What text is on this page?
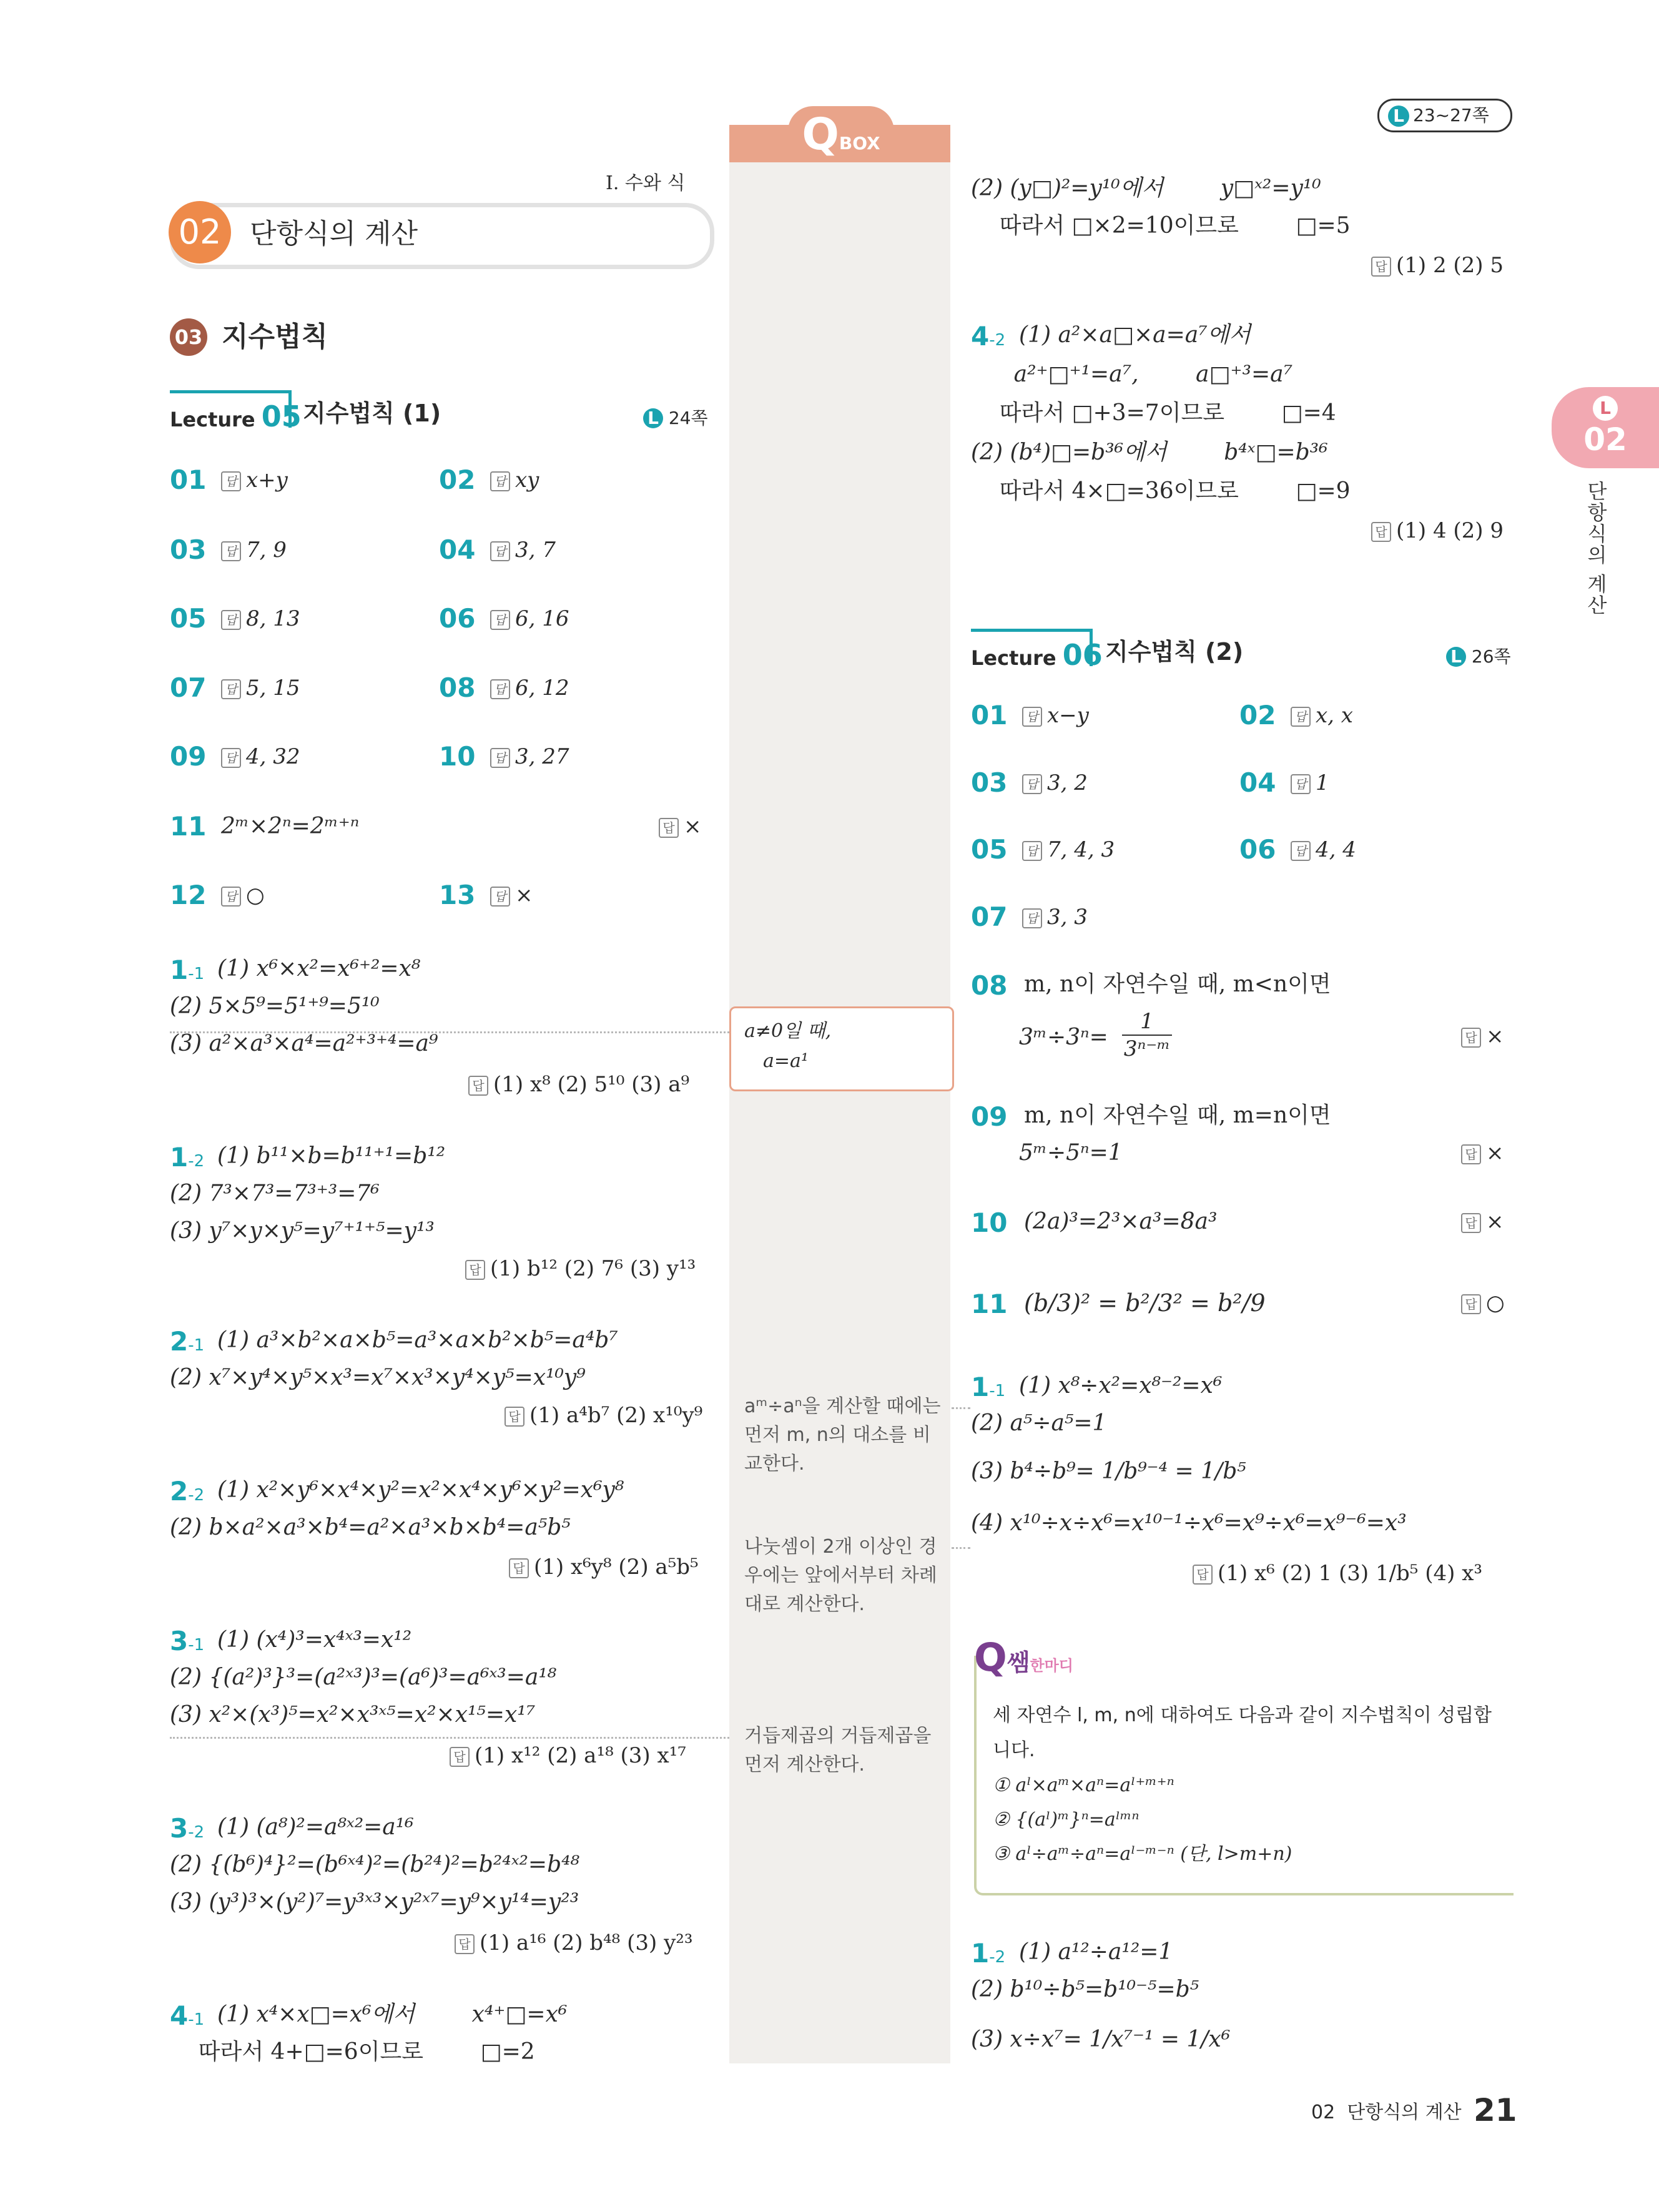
QBOX
L 23~27쪽
Ⅰ. 수와 식
02	단항식의 계산
03 지수법칙
Lecture 05 지수법칙 (1)	L 24쪽
01	답 x+y	02	답 xy
03	답 7, 9	04	답 3, 7
05	답 8, 13	06	답 6, 16
07	답 5, 15	08	답 6, 12
09	답 4, 32	10	답 3, 27
11 2ᵐ×2ⁿ=2ᵐ⁺ⁿ	답 ×
12	답 ○	13	답 ×
1-1 (1) x⁶×x²=x⁶⁺²=x⁸
(2) 5×5⁹=5¹⁺⁹=5¹⁰
(3) a²×a³×a⁴=a²⁺³⁺⁴=a⁹
답 (1) x⁸ (2) 5¹⁰ (3) a⁹
1-2 (1) b¹¹×b=b¹¹⁺¹=b¹²
(2) 7³×7³=7³⁺³=7⁶
(3) y⁷×y×y⁵=y⁷⁺¹⁺⁵=y¹³
답 (1) b¹² (2) 7⁶ (3) y¹³
2-1 (1) a³×b²×a×b⁵=a³×a×b²×b⁵=a⁴b⁷
(2) x⁷×y⁴×y⁵×x³=x⁷×x³×y⁴×y⁵=x¹⁰y⁹
답 (1) a⁴b⁷ (2) x¹⁰y⁹
2-2 (1) x²×y⁶×x⁴×y²=x²×x⁴×y⁶×y²=x⁶y⁸
(2) b×a²×a³×b⁴=a²×a³×b×b⁴=a⁵b⁵
답 (1) x⁶y⁸ (2) a⁵b⁵
3-1 (1) (x⁴)³=x⁴ˣ³=x¹²
(2) {(a²)³}³=(a²ˣ³)³=(a⁶)³=a⁶ˣ³=a¹⁸
(3) x²×(x³)⁵=x²×x³ˣ⁵=x²×x¹⁵=x¹⁷
답 (1) x¹² (2) a¹⁸ (3) x¹⁷
3-2 (1) (a⁸)²=a⁸ˣ²=a¹⁶
(2) {(b⁶)⁴}²=(b⁶ˣ⁴)²=(b²⁴)²=b²⁴ˣ²=b⁴⁸
(3) (y³)³×(y²)⁷=y³ˣ³×y²ˣ⁷=y⁹×y¹⁴=y²³
답 (1) a¹⁶ (2) b⁴⁸ (3) y²³
4-1 (1) x⁴×x□=x⁶에서        x⁴⁺□=x⁶
따라서 4+□=6이므로        □=2
a≠0일 때,
a=a¹
aᵐ÷aⁿ을 계산할 때에는 먼저 m, n의 대소를 비교한다.
나눗셈이 2개 이상인 경우에는 앞에서부터 차례대로 계산한다.
거듭제곱의 거듭제곱을 먼저 계산한다.
(2) (y□)²=y¹⁰에서        y□ˣ²=y¹⁰
따라서 □×2=10이므로        □=5
답 (1) 2 (2) 5
4-2 (1) a²×a□×a=a⁷에서
a²⁺□⁺¹=a⁷,        a□⁺³=a⁷
따라서 □+3=7이므로        □=4
(2) (b⁴)□=b³⁶에서        b⁴ˣ□=b³⁶
따라서 4×□=36이므로        □=9
답 (1) 4 (2) 9
Lecture 06 지수법칙 (2)	L 26쪽
01	답 x−y	02	답 x, x
03	답 3, 2	04	답 1
05	답 7, 4, 3	06	답 4, 4
07	답 3, 3
08 m, n이 자연수일 때, m<n이면
3ᵐ÷3ⁿ=
1
3ⁿ⁻ᵐ	답 ×
09 m, n이 자연수일 때, m=n이면
5ᵐ÷5ⁿ=1	답 ×
10 (2a)³=2³×a³=8a³	답 ×
11 (b/3)² = b²/3² = b²/9	답 ○
1-1 (1) x⁸÷x²=x⁸⁻²=x⁶
(2) a⁵÷a⁵=1
(3) b⁴÷b⁹= 1/b⁹⁻⁴ = 1/b⁵
(4) x¹⁰÷x÷x⁶=x¹⁰⁻¹÷x⁶=x⁹÷x⁶=x⁹⁻⁶=x³
답 (1) x⁶ (2) 1 (3) 1/b⁵ (4) x³
Q쌤한마디
세 자연수 l, m, n에 대하여도 다음과 같이 지수법칙이 성립합니다.
① aˡ×aᵐ×aⁿ=aˡ⁺ᵐ⁺ⁿ
② {(aˡ)ᵐ}ⁿ=aˡᵐⁿ
③ aˡ÷aᵐ÷aⁿ=aˡ⁻ᵐ⁻ⁿ (단, l>m+n)
1-2 (1) a¹²÷a¹²=1
(2) b¹⁰÷b⁵=b¹⁰⁻⁵=b⁵
(3) x÷x⁷= 1/x⁷⁻¹ = 1/x⁶
L
02
단항식의 계산
02  단항식의 계산 21
